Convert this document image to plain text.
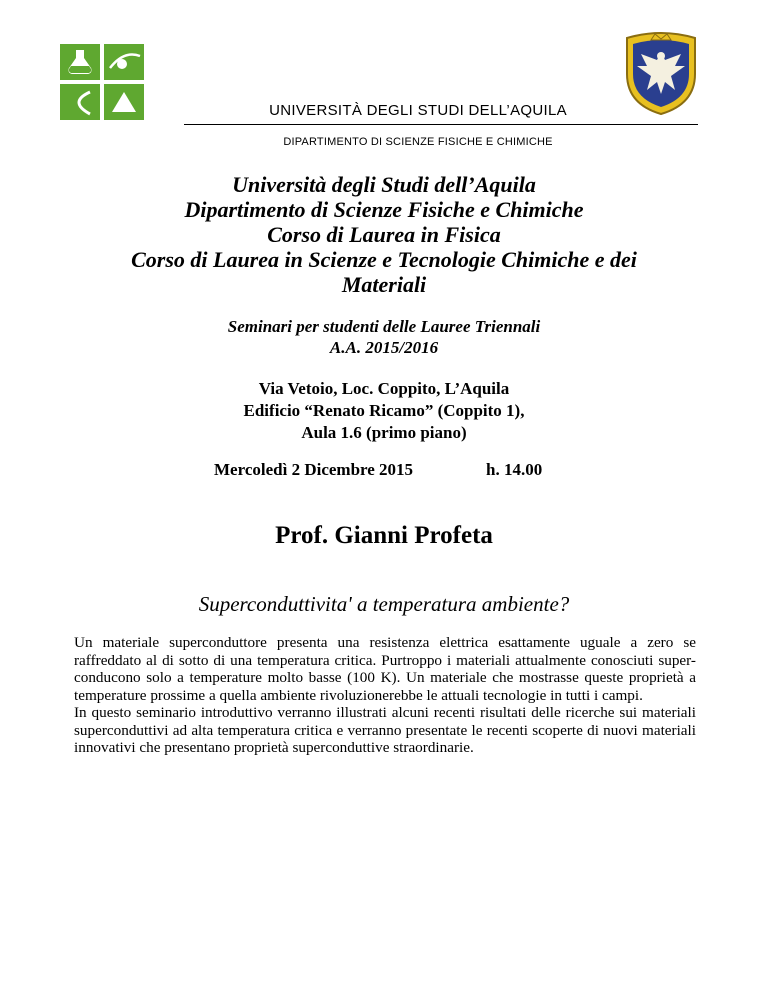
UNIVERSITÀ DEGLI STUDI DELL’AQUILA
DIPARTIMENTO DI SCIENZE FISICHE E CHIMICHE
Università degli Studi dell’Aquila
Dipartimento di Scienze Fisiche e Chimiche
Corso di Laurea in Fisica
Corso di Laurea in Scienze e Tecnologie Chimiche e dei
Materiali
Seminari per studenti delle Lauree Triennali
A.A. 2015/2016
Via Vetoio, Loc. Coppito, L’Aquila
Edificio “Renato Ricamo” (Coppito 1),
Aula 1.6 (primo piano)
Mercoledì 2 Dicembre 2015	h. 14.00
Prof. Gianni Profeta
Superconduttivita' a temperatura ambiente?

Un materiale superconduttore presenta una resistenza elettrica esattamente uguale a zero se raffreddato al di sotto di una temperatura critica. Purtroppo i materiali attualmente conosciuti super-conducono solo a temperature molto basse (100 K). Un materiale che mostrasse queste proprietà a temperature prossime a quella ambiente rivoluzionerebbe le attuali tecnologie in tutti i campi.

In questo seminario introduttivo verranno illustrati alcuni recenti risultati delle ricerche sui materiali superconduttivi ad alta temperatura critica e verranno presentate le recenti scoperte di nuovi materiali innovativi che presentano proprietà superconduttive straordinarie.
